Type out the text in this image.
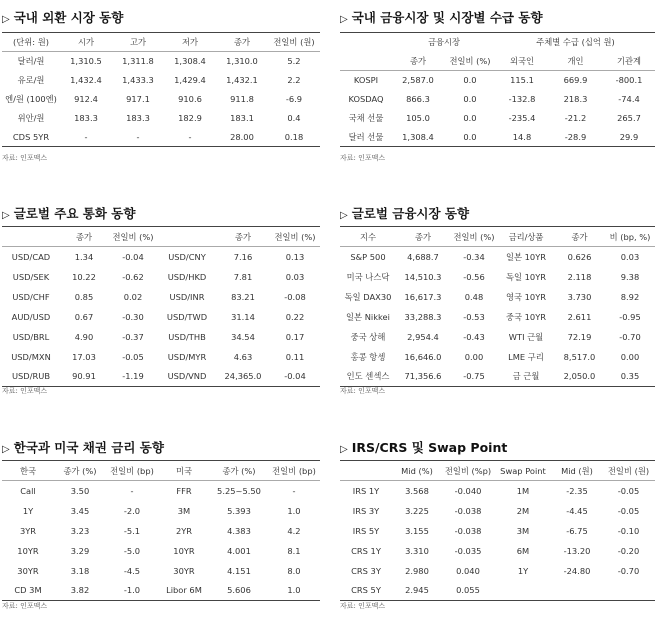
▷ 국내 외환 시장 동향
(단위: 원)	시가	고가	저가	종가	전일비 (원)
달러/원	1,310.5	1,311.8	1,308.4	1,310.0	5.2
유로/원	1,432.4	1,433.3	1,429.4	1,432.1	2.2
엔/원 (100엔)	912.4	917.1	910.6	911.8	-6.9
위안/원	183.3	183.3	182.9	183.1	0.4
CDS 5YR	-	-	-	28.00	0.18
자료: 인포맥스
▷ 국내 금융시장 및 시장별 수급 동향
	금융시장		주체별 수급 (십억 원)		
	종가	전일비 (%)	외국인	개인	기관계
KOSPI	2,587.0	0.0	115.1	669.9	-800.1
KOSDAQ	866.3	0.0	-132.8	218.3	-74.4
국채 선물	105.0	0.0	-235.4	-21.2	265.7
달러 선물	1,308.4	0.0	14.8	-28.9	29.9
자료: 인포맥스
▷ 글로벌 주요 통화 동향
	종가	전일비 (%)		종가	전일비 (%)
USD/CAD	1.34	-0.04	USD/CNY	7.16	0.13
USD/SEK	10.22	-0.62	USD/HKD	7.81	0.03
USD/CHF	0.85	0.02	USD/INR	83.21	-0.08
AUD/USD	0.67	-0.30	USD/TWD	31.14	0.22
USD/BRL	4.90	-0.37	USD/THB	34.54	0.17
USD/MXN	17.03	-0.05	USD/MYR	4.63	0.11
USD/RUB	90.91	-1.19	USD/VND	24,365.0	-0.04
자료: 인포맥스
▷ 글로벌 금융시장 동향
지수	종가	전일비 (%)	금리/상품	종가	비 (bp, %)
S&P 500	4,688.7	-0.34	일본 10YR	0.626	0.03
미국 나스닥	14,510.3	-0.56	독일 10YR	2.118	9.38
독일 DAX30	16,617.3	0.48	영국 10YR	3.730	8.92
일본 Nikkei	33,288.3	-0.53	중국 10YR	2.611	-0.95
중국 상해	2,954.4	-0.43	WTI 근월	72.19	-0.70
홍콩 항셍	16,646.0	0.00	LME 구리	8,517.0	0.00
인도 센섹스	71,356.6	-0.75	금 근월	2,050.0	0.35
자료: 인포맥스
▷ 한국과 미국 채권 금리 동향
한국	종가 (%)	전일비 (bp)	미국	종가 (%)	전일비 (bp)
Call	3.50	-	FFR	5.25~5.50	-
1Y	3.45	-2.0	3M	5.393	1.0
3YR	3.23	-5.1	2YR	4.383	4.2
10YR	3.29	-5.0	10YR	4.001	8.1
30YR	3.18	-4.5	30YR	4.151	8.0
CD 3M	3.82	-1.0	Libor 6M	5.606	1.0
자료: 인포맥스
▷ IRS/CRS 및 Swap Point
	Mid (%)	전일비 (%p)	Swap Point	Mid (원)	전일비 (원)
IRS 1Y	3.568	-0.040	1M	-2.35	-0.05
IRS 3Y	3.225	-0.038	2M	-4.45	-0.05
IRS 5Y	3.155	-0.038	3M	-6.75	-0.10
CRS 1Y	3.310	-0.035	6M	-13.20	-0.20
CRS 3Y	2.980	0.040	1Y	-24.80	-0.70
CRS 5Y	2.945	0.055			
자료: 인포맥스
